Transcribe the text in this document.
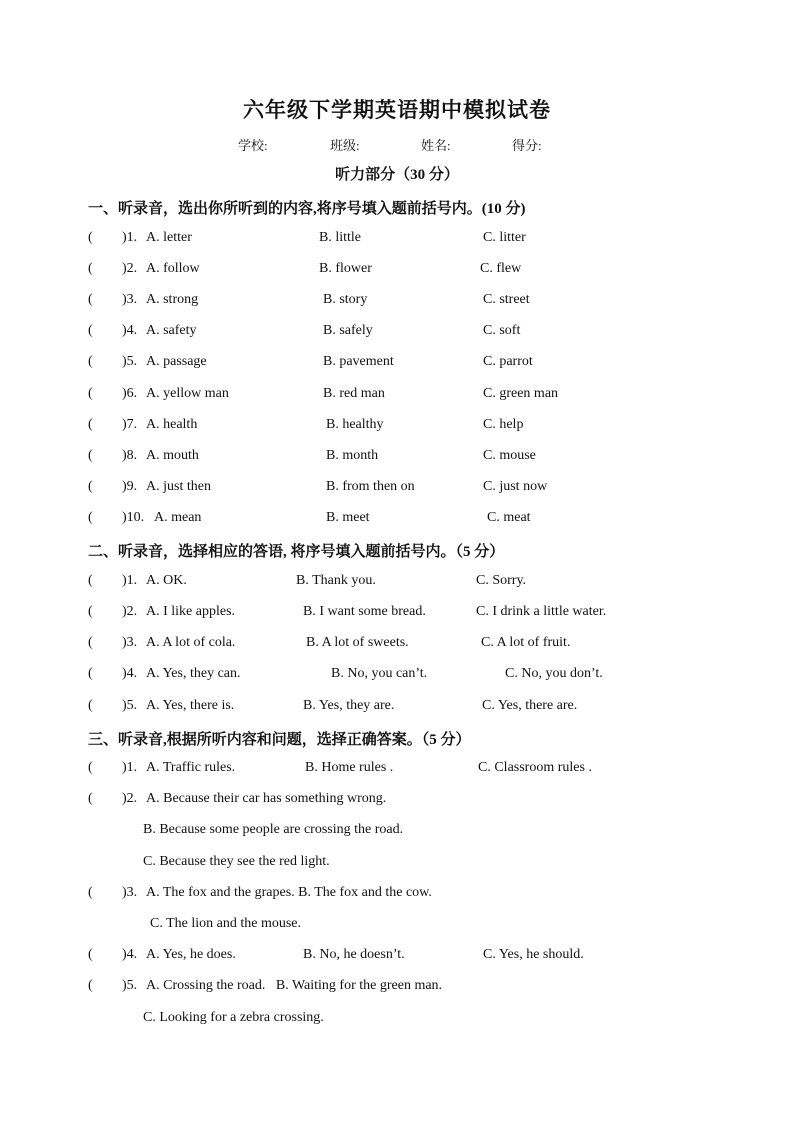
六年级下学期英语期中模拟试卷
学校:	班级:	姓名:	得分:
听力部分（30 分）
一、听录音，选出你所听到的内容,将序号填入题前括号内。(10 分)
( )1. A. letter	B. little	C. litter
( )2. A. follow	B. flower	C. flew
( )3. A. strong	B. story	C. street
( )4. A. safety	B. safely	C. soft
( )5. A. passage	B. pavement	C. parrot
( )6. A. yellow man	B. red man	C. green man
( )7. A. health	B. healthy	C. help
( )8. A. mouth	B. month	C. mouse
( )9. A. just then	B. from then on	C. just now
( )10. A. mean	B. meet	C. meat
二、听录音，选择相应的答语, 将序号填入题前括号内。（5 分）
( )1. A. OK.	B. Thank you.	C. Sorry.
( )2. A. I like apples.	B. I want some bread.	C. I drink a little water.
( )3. A. A lot of cola.	B. A lot of sweets.	C. A lot of fruit.
( )4. A. Yes, they can.	B. No, you can’t.	C. No, you don’t.
( )5. A. Yes, there is.	B. Yes, they are.	C. Yes, there are.
三、听录音,根据所听内容和问题，选择正确答案。（5 分）
( )1. A. Traffic rules.	B. Home rules .	C. Classroom rules .
( )2. A. Because their car has something wrong.
B. Because some people are crossing the road.
C. Because they see the red light.
( )3. A. The fox and the grapes. B. The fox and the cow.
C. The lion and the mouse.
( )4. A. Yes, he does.	B. No, he doesn’t.	C. Yes, he should.
( )5. A. Crossing the road.   B. Waiting for the green man.
C. Looking for a zebra crossing.
